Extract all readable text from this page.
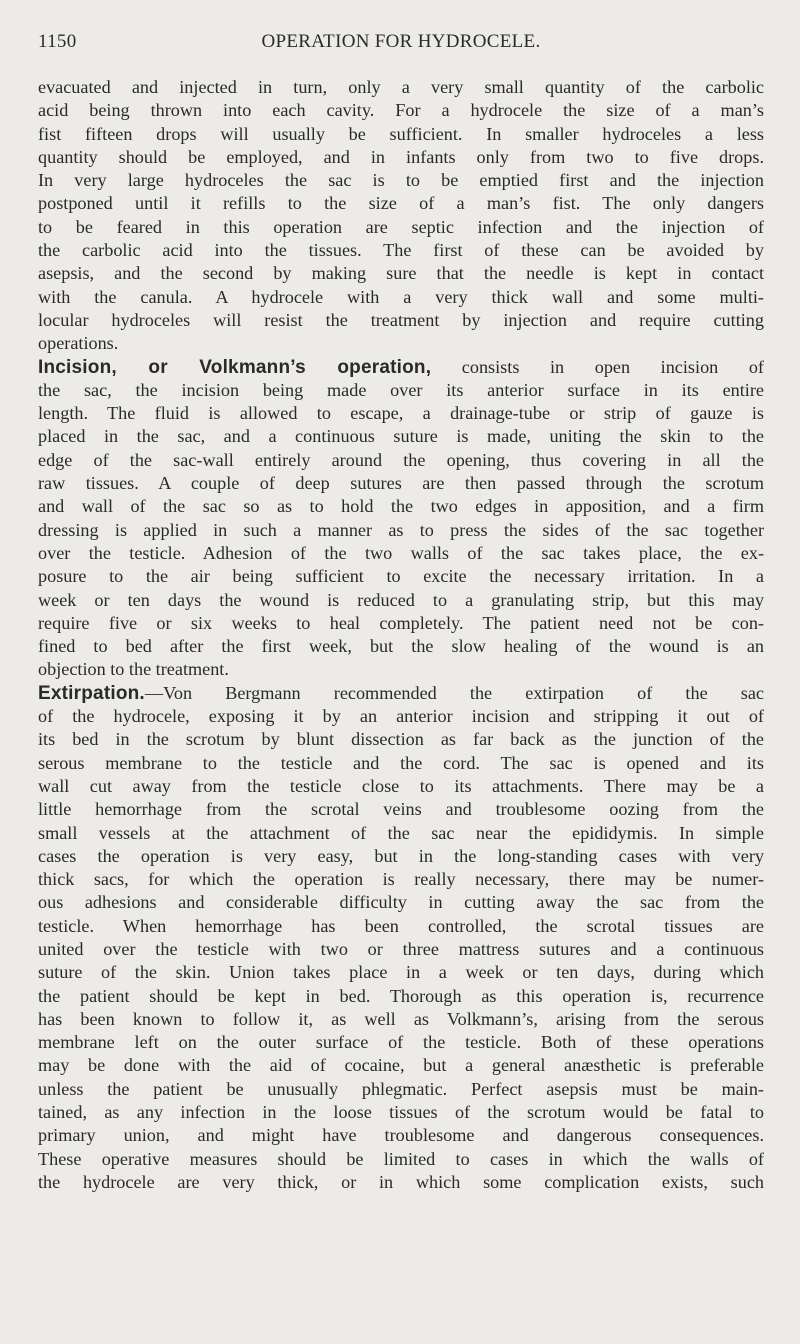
1150	OPERATION FOR HYDROCELE.
evacuated and injected in turn, only a very small quantity of the carbolic
acid being thrown into each cavity. For a hydrocele the size of a man’s
fist fifteen drops will usually be sufficient. In smaller hydroceles a less
quantity should be employed, and in infants only from two to five drops.
In very large hydroceles the sac is to be emptied first and the injection
postponed until it refills to the size of a man’s fist. The only dangers
to be feared in this operation are septic infection and the injection of
the carbolic acid into the tissues. The first of these can be avoided by
asepsis, and the second by making sure that the needle is kept in contact
with the canula. A hydrocele with a very thick wall and some multi-
locular hydroceles will resist the treatment by injection and require cutting
operations.
Incision, or Volkmann’s operation, consists in open incision of
the sac, the incision being made over its anterior surface in its entire
length. The fluid is allowed to escape, a drainage-tube or strip of gauze is
placed in the sac, and a continuous suture is made, uniting the skin to the
edge of the sac-wall entirely around the opening, thus covering in all the
raw tissues. A couple of deep sutures are then passed through the scrotum
and wall of the sac so as to hold the two edges in apposition, and a firm
dressing is applied in such a manner as to press the sides of the sac together
over the testicle. Adhesion of the two walls of the sac takes place, the ex-
posure to the air being sufficient to excite the necessary irritation. In a
week or ten days the wound is reduced to a granulating strip, but this may
require five or six weeks to heal completely. The patient need not be con-
fined to bed after the first week, but the slow healing of the wound is an
objection to the treatment.
Extirpation.—Von Bergmann recommended the extirpation of the sac
of the hydrocele, exposing it by an anterior incision and stripping it out of
its bed in the scrotum by blunt dissection as far back as the junction of the
serous membrane to the testicle and the cord. The sac is opened and its
wall cut away from the testicle close to its attachments. There may be a
little hemorrhage from the scrotal veins and troublesome oozing from the
small vessels at the attachment of the sac near the epididymis. In simple
cases the operation is very easy, but in the long-standing cases with very
thick sacs, for which the operation is really necessary, there may be numer-
ous adhesions and considerable difficulty in cutting away the sac from the
testicle. When hemorrhage has been controlled, the scrotal tissues are
united over the testicle with two or three mattress sutures and a continuous
suture of the skin. Union takes place in a week or ten days, during which
the patient should be kept in bed. Thorough as this operation is, recurrence
has been known to follow it, as well as Volkmann’s, arising from the serous
membrane left on the outer surface of the testicle. Both of these operations
may be done with the aid of cocaine, but a general anæsthetic is preferable
unless the patient be unusually phlegmatic. Perfect asepsis must be main-
tained, as any infection in the loose tissues of the scrotum would be fatal to
primary union, and might have troublesome and dangerous consequences.
These operative measures should be limited to cases in which the walls of
the hydrocele are very thick, or in which some complication exists, such
